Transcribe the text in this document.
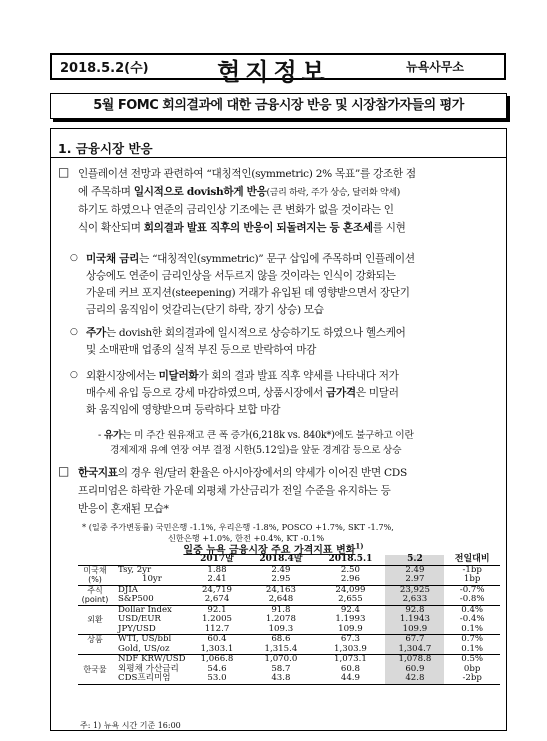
2018.5.2(수)	현지정보	뉴욕사무소
5월 FOMC 회의결과에 대한 금융시장 반응 및 시장참가자들의 평가
1. 금융시장 반응
□ 인플레이션 전망과 관련하여 “대칭적인(symmetric) 2% 목표”를 강조한 점
에 주목하며 일시적으로 dovish하게 반응(금리 하락, 주가 상승, 달러화 약세)
하기도 하였으나 연준의 금리인상 기조에는 큰 변화가 없을 것이라는 인
식이 확산되며 회의결과 발표 직후의 반응이 되돌려지는 등 혼조세를 시현
○ 미국채 금리는 “대칭적인(symmetric)” 문구 삽입에 주목하며 인플레이션
상승에도 연준이 금리인상을 서두르지 않을 것이라는 인식이 강화되는
가운데 커브 포지션(steepening) 거래가 유입된 데 영향받으면서 장단기
금리의 움직임이 엇갈리는(단기 하락, 장기 상승) 모습
○ 주가는 dovish한 회의결과에 일시적으로 상승하기도 하였으나 헬스케어
및 소매판매 업종의 실적 부진 등으로 반락하여 마감
○ 외환시장에서는 미달러화가 회의 결과 발표 직후 약세를 나타내다 저가
매수세 유입 등으로 강세 마감하였으며, 상품시장에서 금가격은 미달러
화 움직임에 영향받으며 등락하다 보합 마감
- 유가는 미 주간 원유재고 큰 폭 증가(6,218k vs. 840k*)에도 불구하고 이란
경제제재 유예 연장 여부 결정 시한(5.12일)을 앞둔 경계감 등으로 상승
□ 한국지표의 경우 원/달러 환율은 아시아장에서의 약세가 이어진 반면 CDS
프리미엄은 하락한 가운데 외평채 가산금리가 전일 수준을 유지하는 등
반응이 혼재된 모습*
* (일중 주가변동률) 국민은행 -1.1%, 우리은행 -1.8%, POSCO +1.7%, SKT -1.7%,
신한은행 +1.0%, 한전 +0.4%, KT -0.1%
일중 뉴욕 금융시장 주요 가격지표 변화$^{1)}$
		2017말	2018.4말	2018.5.1	5.2	전일대비
미국채	Tsy, 2yr	1.88	2.49	2.50	2.49	-1bp
(%)	10yr	2.41	2.95	2.96	2.97	1bp
주식	DJIA	24,719	24,163	24,099	23,925	-0.7%
(point)	S&P500	2,674	2,648	2,655	2,633	-0.8%
	Dollar Index	92.1	91.8	92.4	92.8	0.4%
외환	USD/EUR	1.2005	1.2078	1.1993	1.1943	-0.4%
	JPY/USD	112.7	109.3	109.9	109.9	0.1%
상품	WTI, US/bbl	60.4	68.6	67.3	67.7	0.7%
	Gold, US/oz	1,303.1	1,315.4	1,303.9	1,304.7	0.1%
	NDF KRW/USD	1,066.8	1,070.0	1,073.1	1,078.8	0.5%
한국물	외평채 가산금리	54.6	58.7	60.8	60.9	0bp
	CDS프리미엄	53.0	43.8	44.9	42.8	-2bp
주: 1) 뉴욕 시간 기준 16:00
